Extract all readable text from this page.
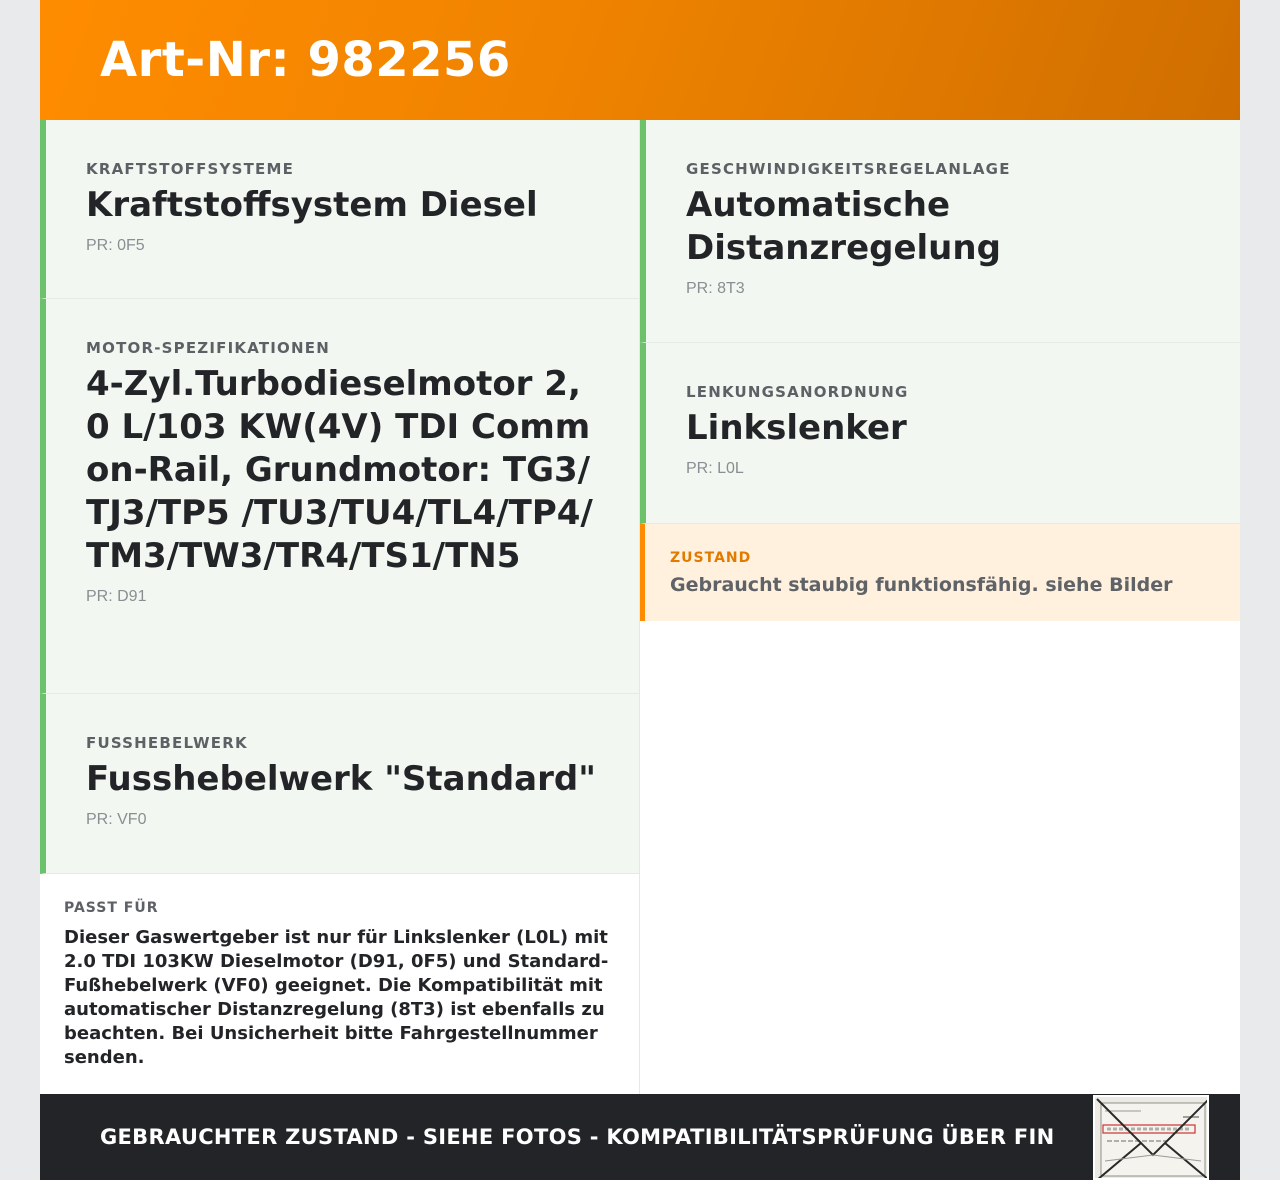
Art-Nr: 982256
KRAFTSTOFFSYSTEME
Kraftstoffsystem Diesel
PR: 0F5
MOTOR-SPEZIFIKATIONEN
4-Zyl.Turbodieselmotor 2,0 L/103 KW(4V) TDI Common-Rail, Grundmotor: TG3/TJ3/TP5 /TU3/TU4/TL4/TP4/TM3/TW3/TR4/TS1/TN5
PR: D91
FUSSHEBELWERK
Fusshebelwerk "Standard"
PR: VF0
PASST FÜR
Dieser Gaswertgeber ist nur für Linkslenker (L0L) mit 2.0 TDI 103KW Dieselmotor (D91, 0F5) und Standard-Fußhebelwerk (VF0) geeignet. Die Kompatibilität mit automatischer Distanzregelung (8T3) ist ebenfalls zu beachten. Bei Unsicherheit bitte Fahrgestellnummer senden.
GESCHWINDIGKEITSREGELANLAGE
Automatische Distanzregelung
PR: 8T3
LENKUNGSANORDNUNG
Linkslenker
PR: L0L
ZUSTAND
Gebraucht staubig funktionsfähig. siehe Bilder
GEBRAUCHTER ZUSTAND - SIEHE FOTOS - KOMPATIBILITÄTSPRÜFUNG ÜBER FIN
